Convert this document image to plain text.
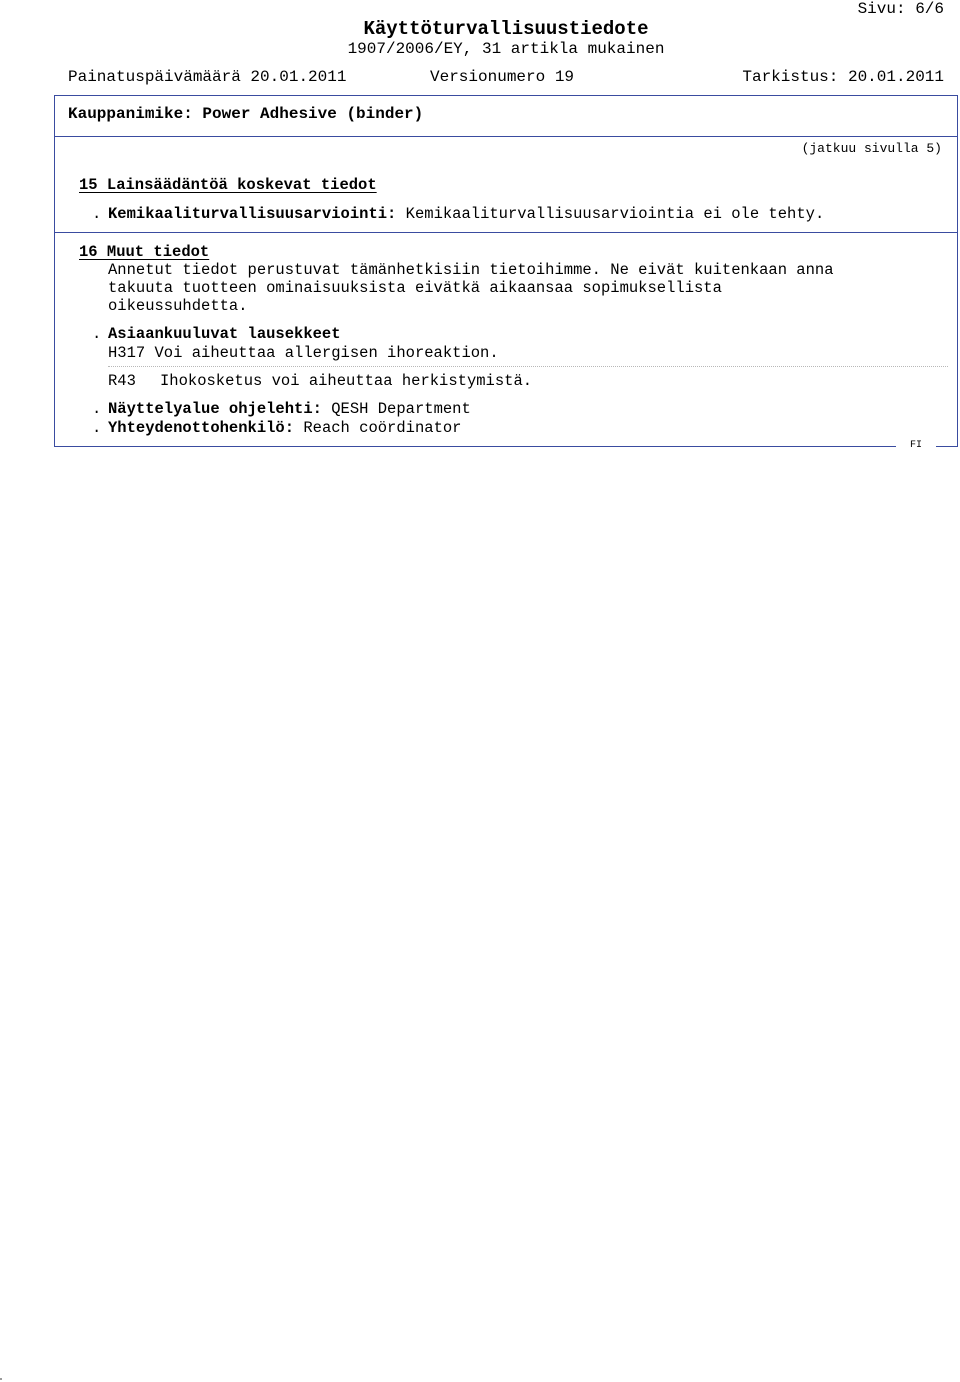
Sivu: 6/6
Käyttöturvallisuustiedote
1907/2006/EY, 31 artikla mukainen
Painatuspäivämäärä 20.01.2011	Versionumero 19	Tarkistus: 20.01.2011
Kauppanimike: Power Adhesive (binder)
(jatkuu sivulla 5)
15 Lainsäädäntöä koskevat tiedot
. Kemikaaliturvallisuusarviointi: Kemikaaliturvallisuusarviointia ei ole tehty.
16 Muut tiedot
Annetut tiedot perustuvat tämänhetkisiin tietoihimme. Ne eivät kuitenkaan anna
takuuta tuotteen ominaisuuksista eivätkä aikaansaa sopimuksellista
oikeussuhdetta.
. Asiaankuuluvat lausekkeet
H317 Voi aiheuttaa allergisen ihoreaktion.
R43 Ihokosketus voi aiheuttaa herkistymistä.
. Näyttelyalue ohjelehti: QESH Department
. Yhteydenottohenkilö: Reach coördinator
FI
